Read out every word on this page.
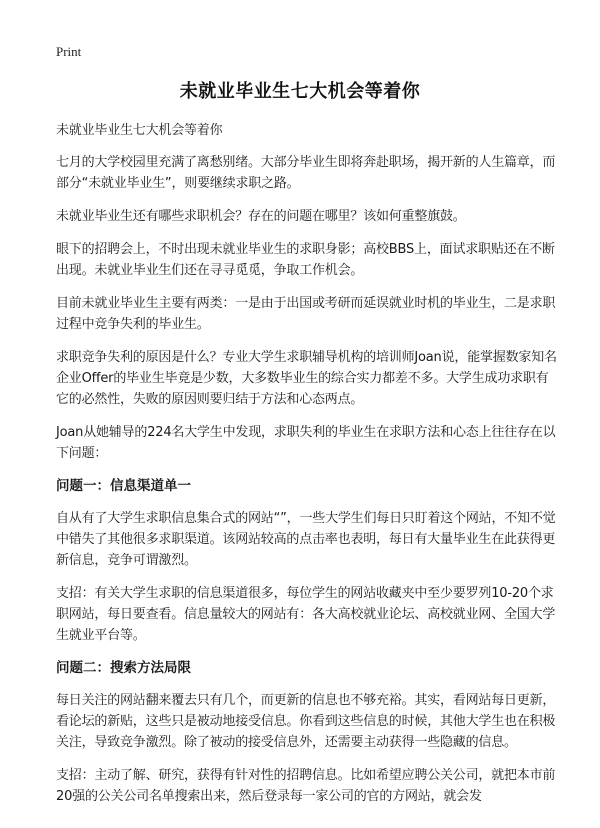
Print
未就业毕业生七大机会等着你

未就业毕业生七大机会等着你

七月的大学校园里充满了离愁别绪。大部分毕业生即将奔赴职场，揭开新的人生篇章，而部分“未就业毕业生”，则要继续求职之路。

未就业毕业生还有哪些求职机会？存在的问题在哪里？该如何重整旗鼓。

眼下的招聘会上，不时出现未就业毕业生的求职身影；高校BBS上，面试求职贴还在不断出现。未就业毕业生们还在寻寻觅觅，争取工作机会。

目前未就业毕业生主要有两类：一是由于出国或考研而延误就业时机的毕业生，二是求职过程中竞争失利的毕业生。

求职竞争失利的原因是什么？专业大学生求职辅导机构的培训师Joan说，能掌握数家知名企业Offer的毕业生毕竟是少数，大多数毕业生的综合实力都差不多。大学生成功求职有它的必然性，失败的原因则要归结于方法和心态两点。

Joan从她辅导的224名大学生中发现，求职失利的毕业生在求职方法和心态上往往存在以下问题：

问题一：信息渠道单一

自从有了大学生求职信息集合式的网站“”，一些大学生们每日只盯着这个网站，不知不觉中错失了其他很多求职渠道。该网站较高的点击率也表明，每日有大量毕业生在此获得更新信息，竞争可谓激烈。

支招：有关大学生求职的信息渠道很多，每位学生的网站收藏夹中至少要罗列10-20个求职网站，每日要查看。信息量较大的网站有：各大高校就业论坛、高校就业网、全国大学生就业平台等。

问题二：搜索方法局限

每日关注的网站翻来覆去只有几个，而更新的信息也不够充裕。其实，看网站每日更新，看论坛的新贴，这些只是被动地接受信息。你看到这些信息的时候，其他大学生也在积极关注，导致竞争激烈。除了被动的接受信息外，还需要主动获得一些隐藏的信息。

支招：主动了解、研究，获得有针对性的招聘信息。比如希望应聘公关公司，就把本市前20强的公关公司名单搜索出来，然后登录每一家公司的官的方网站，就会发
